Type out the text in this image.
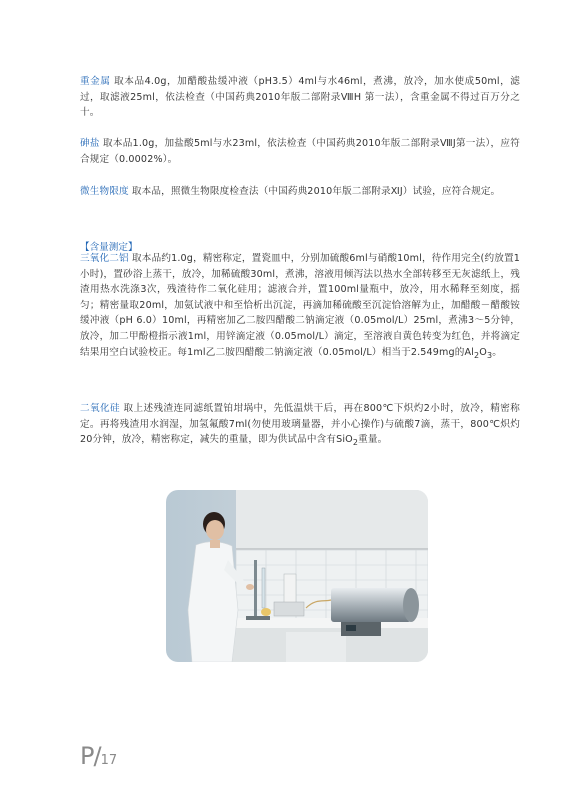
重金属 取本品4.0g，加醋酸盐缓冲液（pH3.5）4ml与水46ml，煮沸，放冷，加水使成50ml，滤过，取滤液25ml，依法检查（中国药典2010年版二部附录ⅧH 第一法），含重金属不得过百万分之十。
砷盐 取本品1.0g，加盐酸5ml与水23ml，依法检查（中国药典2010年版二部附录ⅧJ第一法），应符合规定（0.0002%）。
微生物限度 取本品，照微生物限度检查法（中国药典2010年版二部附录ⅪJ）试验，应符合规定。
【含量测定】
三氧化二铝 取本品约1.0g，精密称定，置瓷皿中，分别加硫酸6ml与硝酸10ml，待作用完全(约放置1小时)，置砂浴上蒸干，放冷，加稀硫酸30ml，煮沸，溶液用倾泻法以热水全部转移至无灰滤纸上，残渣用热水洗涤3次，残渣待作二氧化硅用；滤液合并，置100ml量瓶中，放冷，用水稀释至刻度，摇匀；精密量取20ml，加氨试液中和至恰析出沉淀，再滴加稀硫酸至沉淀恰溶解为止，加醋酸－醋酸铵缓冲液（pH 6.0）10ml，再精密加乙二胺四醋酸二钠滴定液（0.05mol/L）25ml，煮沸3～5分钟，放冷，加二甲酚橙指示液1ml，用锌滴定液（0.05mol/L）滴定，至溶液自黄色转变为红色，并将滴定结果用空白试验校正。每1ml乙二胺四醋酸二钠滴定液（0.05mol/L）相当于2.549mg的$Al_2O_3$。
二氧化硅 取上述残渣连同滤纸置铂坩埚中，先低温烘干后，再在800℃下炽灼2小时，放冷，精密称定。再将残渣用水润湿，加氢氟酸7ml(勿使用玻璃量器，并小心操作)与硫酸7滴，蒸干，800℃炽灼20分钟，放冷，精密称定，减失的重量，即为供试品中含有SiO$_2$重量。
P/17
